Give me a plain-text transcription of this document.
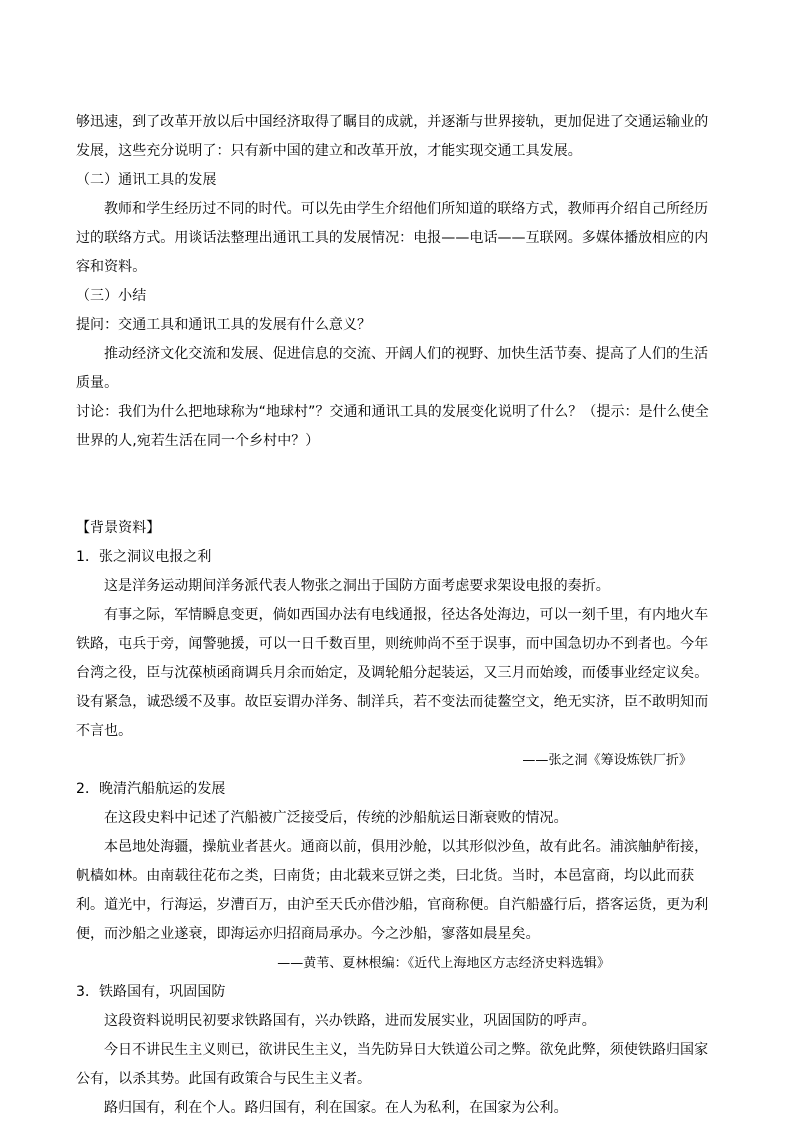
够迅速，到了改革开放以后中国经济取得了瞩目的成就，并逐渐与世界接轨，更加促进了交通运输业的发展，这些充分说明了：只有新中国的建立和改革开放，才能实现交通工具发展。

（二）通讯工具的发展

教师和学生经历过不同的时代。可以先由学生介绍他们所知道的联络方式，教师再介绍自己所经历过的联络方式。用谈话法整理出通讯工具的发展情况：电报——电话——互联网。多媒体播放相应的内容和资料。

（三）小结

提问：交通工具和通讯工具的发展有什么意义？

推动经济文化交流和发展、促进信息的交流、开阔人们的视野、加快生活节奏、提高了人们的生活质量。

讨论：我们为什么把地球称为“地球村”？交通和通讯工具的发展变化说明了什么？（提示：是什么使全世界的人,宛若生活在同一个乡村中？）

【背景资料】

1．张之洞议电报之利

这是洋务运动期间洋务派代表人物张之洞出于国防方面考虑要求架设电报的奏折。

有事之际，军情瞬息变更，倘如西国办法有电线通报，径达各处海边，可以一刻千里，有内地火车铁路，屯兵于旁，闻警驰援，可以一日千数百里，则统帅尚不至于误事，而中国急切办不到者也。今年台湾之役，臣与沈葆桢函商调兵月余而始定，及调轮船分起装运，又三月而始竣，而倭事业经定议矣。设有紧急，诚恐缓不及事。故臣妄谓办洋务、制洋兵，若不变法而徒鳌空文，绝无实济，臣不敢明知而不言也。

——张之洞《筹设炼铁厂折》

2．晚清汽船航运的发展

在这段史料中记述了汽船被广泛接受后，传统的沙船航运日渐衰败的情况。

本邑地处海疆，操航业者甚火。通商以前，俱用沙舱，以其形似沙鱼，故有此名。浦滨舳舻衔接，帆樯如林。由南载往花布之类，曰南货；由北载来豆饼之类，曰北货。当时，本邑富商，均以此而获利。道光中，行海运，岁漕百万，由沪至天氏亦借沙船，官商称便。自汽船盛行后，搭客运货，更为利便，而沙船之业遂衰，即海运亦归招商局承办。今之沙船，寥落如晨星矣。

——黄苇、夏林根编：《近代上海地区方志经济史料选辑》

3．铁路国有，巩固国防

这段资料说明民初要求铁路国有，兴办铁路，进而发展实业，巩固国防的呼声。

今日不讲民生主义则已，欲讲民生主义，当先防异日大铁道公司之弊。欲免此弊，须使铁路归国家公有，以杀其势。此国有政策合与民生主义者。

路归国有，利在个人。路归国有，利在国家。在人为私利，在国家为公利。
